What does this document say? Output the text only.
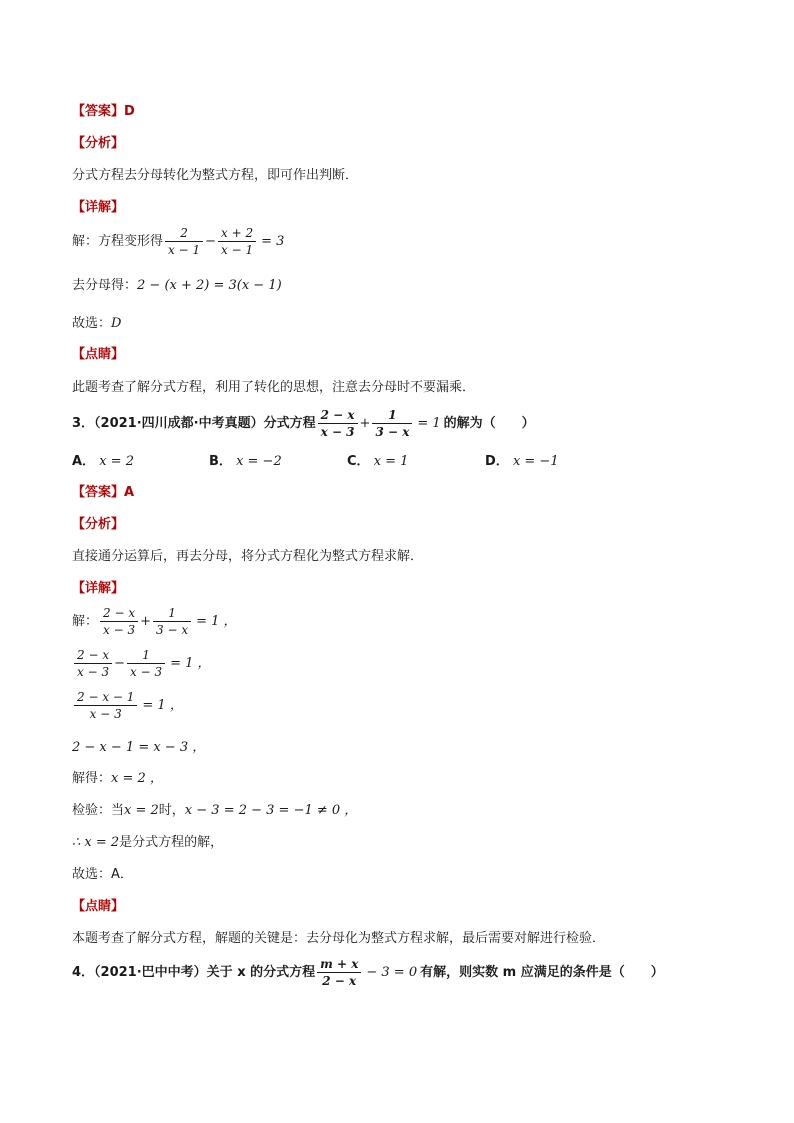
【答案】D
【分析】
分式方程去分母转化为整式方程，即可作出判断．
【详解】
解：方程变形得 $\frac{2}{x - 1} - \frac{x + 2}{x - 1} = 3$
去分母得：2 − (x + 2) = 3(x − 1)
故选：D
【点睛】
此题考查了解分式方程，利用了转化的思想，注意去分母时不要漏乘．
3．（2021·四川成都·中考真题）分式方程 $\frac{2 - x}{x - 3} + \frac{1}{3 - x} = 1$ 的解为（　　）
A． x = 2	B． x = −2	C． x = 1	D． x = −1
【答案】A
【分析】
直接通分运算后，再去分母，将分式方程化为整式方程求解．
【详解】
解： $\frac{2 - x}{x - 3} + \frac{1}{3 - x} = 1$ ，
$\frac{2 - x}{x - 3} - \frac{1}{x - 3} = 1$ ，
$\frac{2 - x - 1}{x - 3} = 1$ ，
2 − x − 1 = x − 3 ，
解得：x = 2 ，
检验：当x = 2时，x − 3 = 2 − 3 = −1 ≠ 0 ，
∴ x = 2是分式方程的解，
故选：A．
【点睛】
本题考查了解分式方程，解题的关键是：去分母化为整式方程求解，最后需要对解进行检验．
4．（2021·巴中中考）关于 x 的分式方程 $\frac{m + x}{2 - x} - 3 = 0$ 有解，则实数 m 应满足的条件是（　　）
